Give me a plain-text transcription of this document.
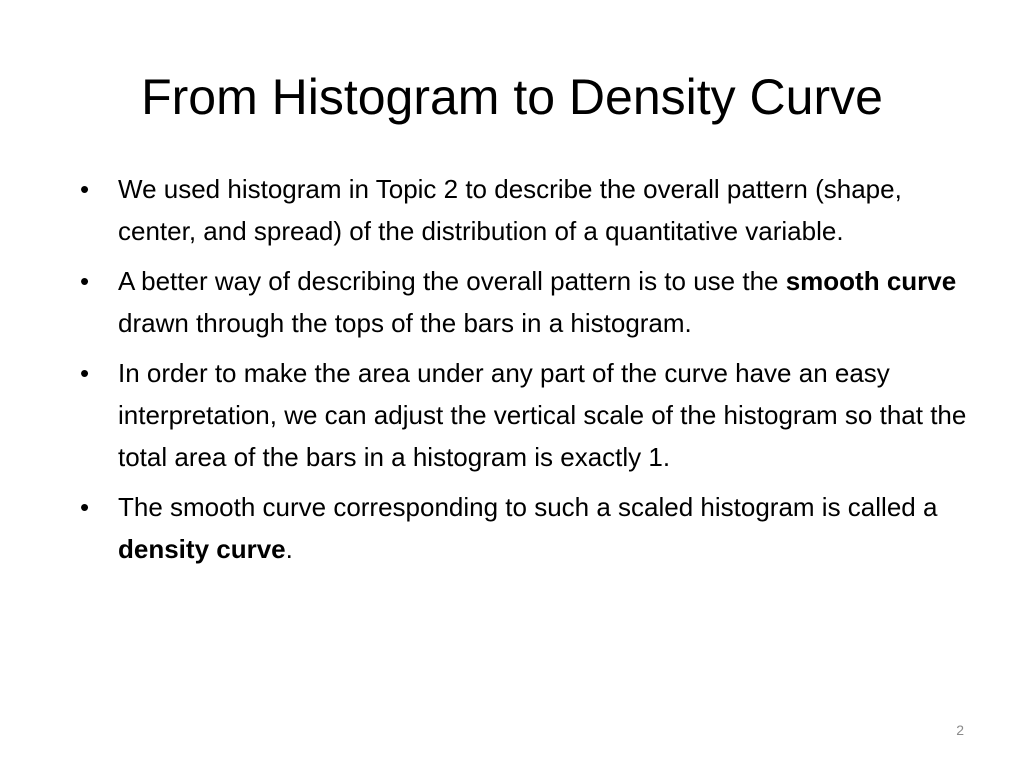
From Histogram to Density Curve
• We used histogram in Topic 2 to describe the overall pattern (shape, center, and spread) of the distribution of a quantitative variable.
• A better way of describing the overall pattern is to use the smooth curve drawn through the tops of the bars in a histogram.
• In order to make the area under any part of the curve have an easy interpretation, we can adjust the vertical scale of the histogram so that the total area of the bars in a histogram is exactly 1.
• The smooth curve corresponding to such a scaled histogram is called a density curve.
2
